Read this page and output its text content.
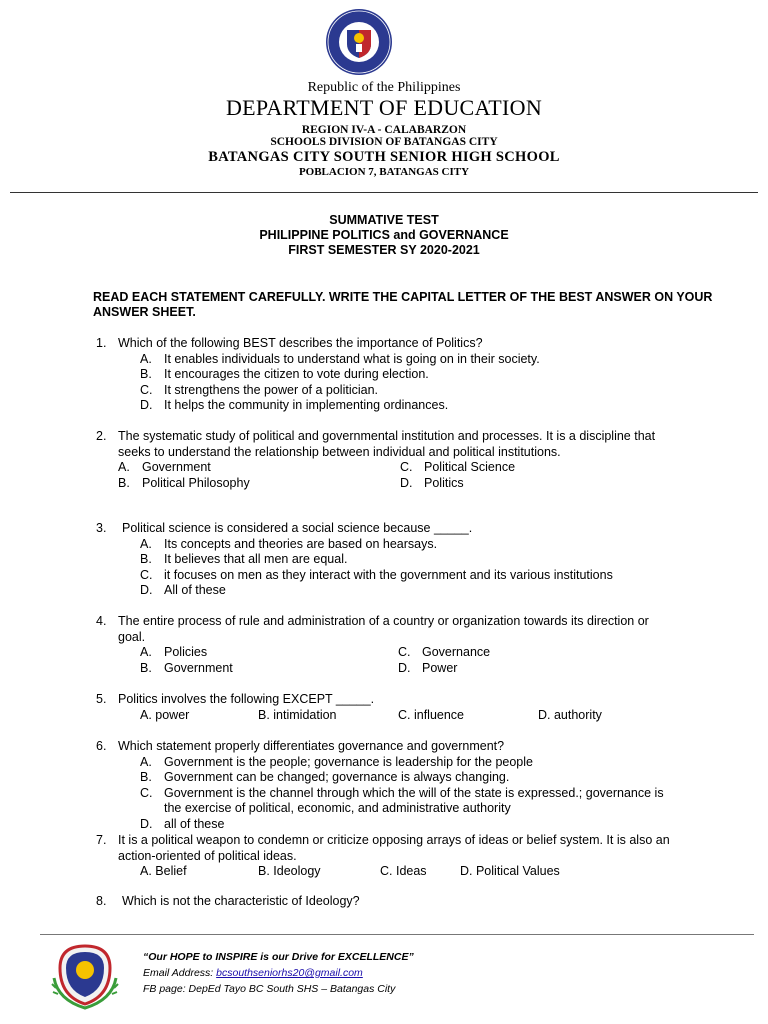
Republic of the Philippines
DEPARTMENT OF EDUCATION
REGION IV-A - CALABARZON
SCHOOLS DIVISION OF BATANGAS CITY
BATANGAS CITY SOUTH SENIOR HIGH SCHOOL
POBLACION 7, BATANGAS CITY
SUMMATIVE TEST
PHILIPPINE POLITICS and GOVERNANCE
FIRST SEMESTER SY 2020-2021
READ EACH STATEMENT CAREFULLY. WRITE THE CAPITAL LETTER OF THE BEST ANSWER ON YOUR ANSWER SHEET.
1. Which of the following BEST describes the importance of Politics?
A. It enables individuals to understand what is going on in their society.
B. It encourages the citizen to vote during election.
C. It strengthens the power of a politician.
D. It helps the community in implementing ordinances.
2. The systematic study of political and governmental institution and processes. It is a discipline that seeks to understand the relationship between individual and political institutions.
A. Government	C. Political Science
B. Political Philosophy	D. Politics
3.	Political science is considered a social science because _____.
A. Its concepts and theories are based on hearsays.
B. It believes that all men are equal.
C. it focuses on men as they interact with the government and its various institutions
D. All of these
4. The entire process of rule and administration of a country or organization towards its direction or goal.
A. Policies	C. Governance
B. Government	D. Power
5. Politics involves the following EXCEPT _____.
A. power	B. intimidation	C. influence	D. authority
6. Which statement properly differentiates governance and government?
A. Government is the people; governance is leadership for the people
B. Government can be changed; governance is always changing.
C. Government is the channel through which the will of the state is expressed.; governance is the exercise of political, economic, and administrative authority
D. all of these
7. It is a political weapon to condemn or criticize opposing arrays of ideas or belief system. It is also an action-oriented of political ideas.
A. Belief	B. Ideology	C. Ideas	D. Political Values
8.	Which is not the characteristic of Ideology?
“Our HOPE to INSPIRE is our Drive for EXCELLENCE”
Email Address: bcsouthseniorhs20@gmail.com
FB page: DepEd Tayo BC South SHS – Batangas City
